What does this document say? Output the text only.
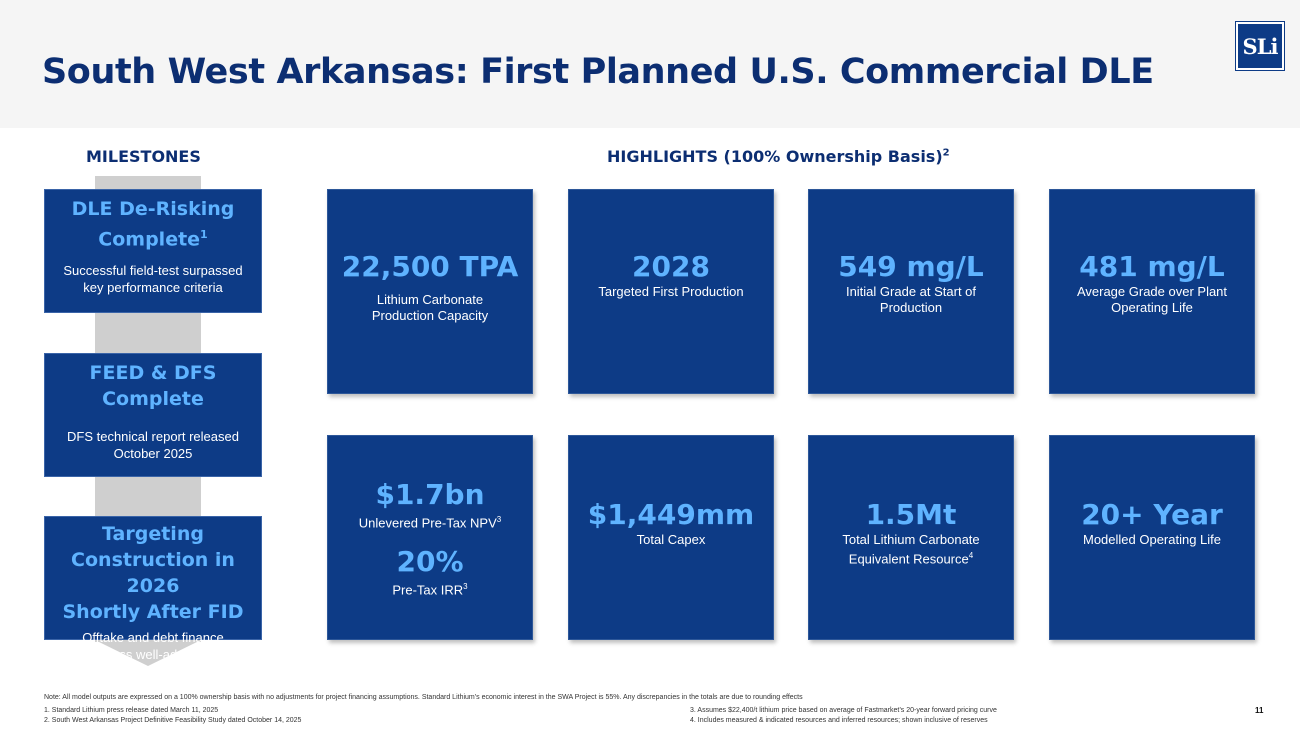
South West Arkansas: First Planned U.S. Commercial DLE
SLi
MILESTONES	HIGHLIGHTS (100% Ownership Basis)$^2$
DLE De-Risking
Complete$^1$
Successful field-test surpassed
key performance criteria
FEED & DFS
Complete
DFS technical report released
October 2025
Targeting
Construction in 2026
Shortly After FID
Offtake and debt finance
process well-advanced
22,500 TPA
Lithium Carbonate
Production Capacity
2028
Targeted First Production
549 mg/L
Initial Grade at Start of
Production
481 mg/L
Average Grade over Plant
Operating Life
$1.7bn
Unlevered Pre-Tax NPV$^3$
20%
Pre-Tax IRR$^3$
$1,449mm
Total Capex
1.5Mt
Total Lithium Carbonate
Equivalent Resource$^4$
20+ Year
Modelled Operating Life
Note: All model outputs are expressed on a 100% ownership basis with no adjustments for project financing assumptions. Standard Lithium’s economic interest in the SWA Project is 55%. Any discrepancies in the totals are due to rounding effects
1. Standard Lithium press release dated March 11, 2025
2. South West Arkansas Project Definitive Feasibility Study dated October 14, 2025
3. Assumes $22,400/t lithium price based on average of Fastmarket’s 20-year forward pricing curve
4. Includes measured & indicated resources and inferred resources; shown inclusive of reserves
11
